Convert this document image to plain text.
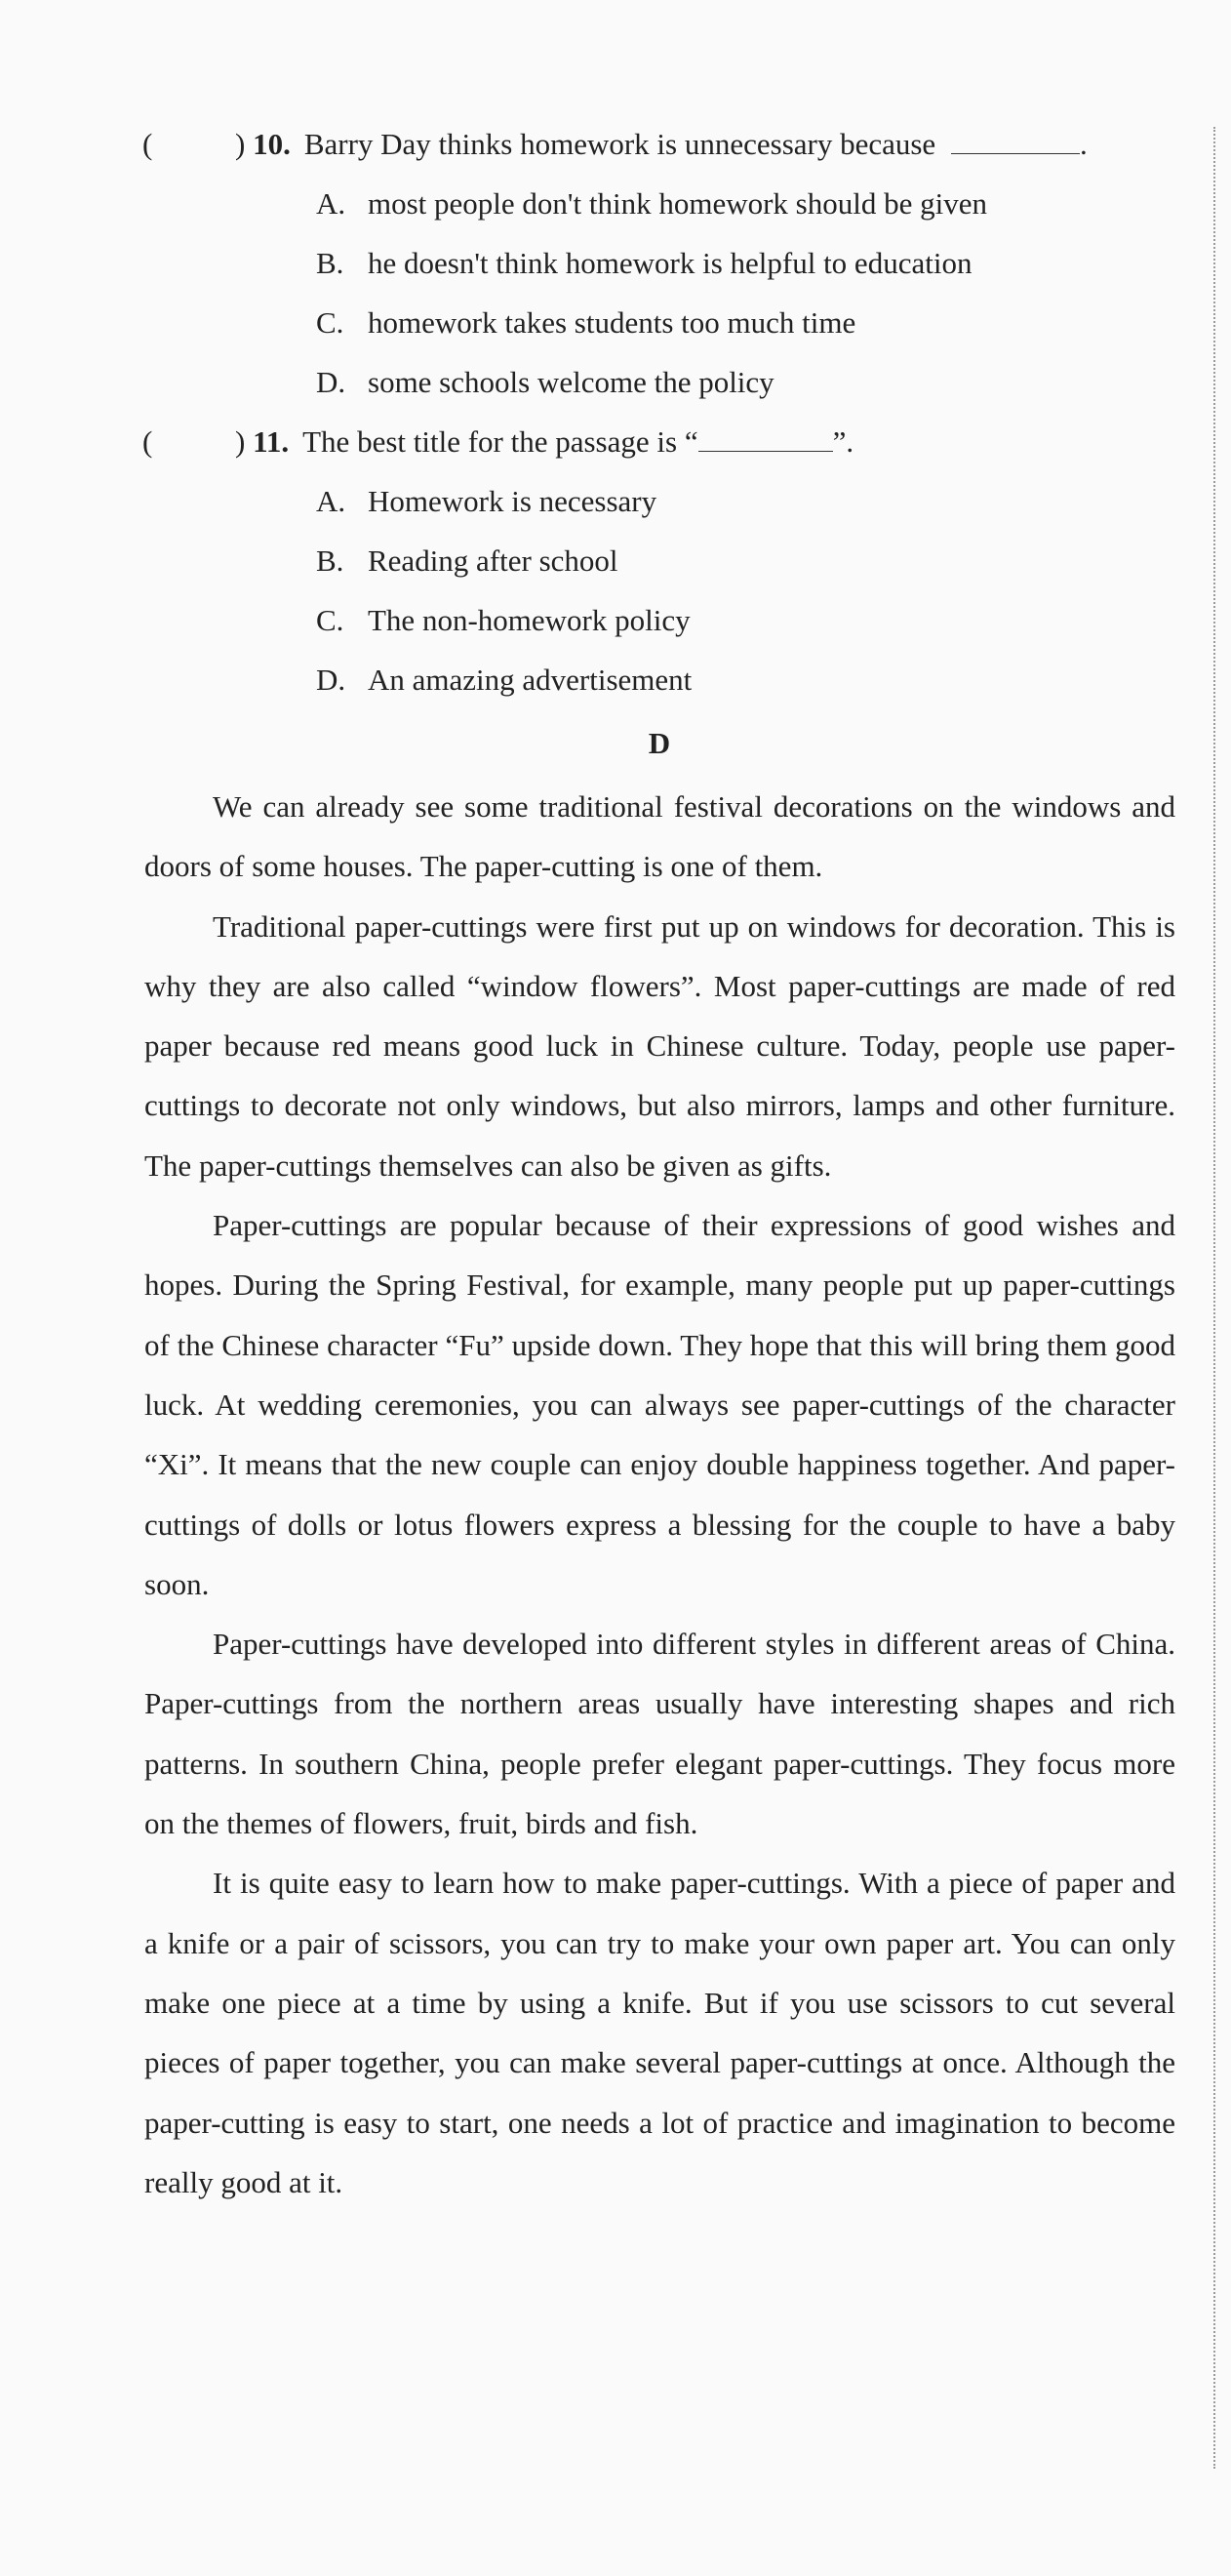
(	) 10. Barry Day thinks homework is unnecessary because	.
A. most people don't think homework should be given
B. he doesn't think homework is helpful to education
C. homework takes students too much time
D. some schools welcome the policy
(	) 11. The best title for the passage is “	”.
A. Homework is necessary
B. Reading after school
C. The non-homework policy
D. An amazing advertisement
D

We can already see some traditional festival decorations on the windows and doors of some houses. The paper-cutting is one of them.

Traditional paper-cuttings were first put up on windows for decoration. This is why they are also called “window flowers”. Most paper-cuttings are made of red paper because red means good luck in Chinese culture. Today, people use paper-cuttings to decorate not only windows, but also mirrors, lamps and other furniture. The paper-cuttings themselves can also be given as gifts.

Paper-cuttings are popular because of their expressions of good wishes and hopes. During the Spring Festival, for example, many people put up paper-cuttings of the Chinese character “Fu” upside down. They hope that this will bring them good luck. At wedding ceremonies, you can always see paper-cuttings of the character “Xi”. It means that the new couple can enjoy double happiness together. And paper-cuttings of dolls or lotus flowers express a blessing for the couple to have a baby soon.

Paper-cuttings have developed into different styles in different areas of China. Paper-cuttings from the northern areas usually have interesting shapes and rich patterns. In southern China, people prefer elegant paper-cuttings. They focus more on the themes of flowers, fruit, birds and fish.

It is quite easy to learn how to make paper-cuttings. With a piece of paper and a knife or a pair of scissors, you can try to make your own paper art. You can only make one piece at a time by using a knife. But if you use scissors to cut several pieces of paper together, you can make several paper-cuttings at once. Although the paper-cutting is easy to start, one needs a lot of practice and imagination to become really good at it.
